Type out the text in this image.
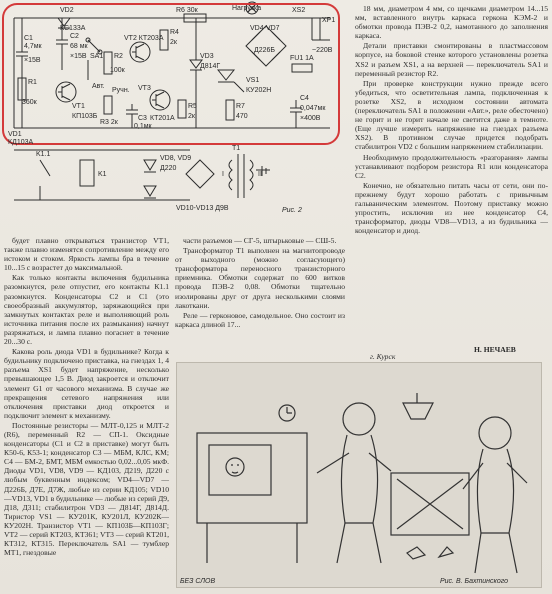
VD2
КС133А
R6 30к	Нагрузка	XS2
XP1
C1
4,7мк
×15В
C2
68 мк
×15В
VT2 КТ203А
R4
2к
VD4-VD7
Д226Б
SA1 R2
100к
VD3
Д814Г
R1
360к
VT1
КП103Б
VS1
КУ202Н
FU1 1А
~220В
Ручн.
Авт.	VT3
КТ201А
R3 2к
C3
0,1мк
R5
2к
R7
470
C4
0,047мк
×400В
VD1
КД103А
K1.1
K1
VD8, VD9
Д220
VD10-VD13 Д9В
T1
I	II
Рис. 2

будет плавно открываться транзистор VT1, также плавно изменятся сопротивление между его истоком и стоком. Яркость лампы бра в течение 10...15 с возрастет до максимальной.

Как только контакты включения будильника разомкнутся, реле отпустит, его контакты К1.1 разомкнутся. Конденсаторы С2 и С1 (это своеобразный аккумулятор, заряжающийся при замкнутых контактах реле и выполняющий роль источника питания после их размыкания) начнут разряжаться, и лампа плавно погаснет в течение 20...30 с.

Какова роль диода VD1 в будильнике? Когда к будильнику подключено приставка, на гнездах 1, 4 разъема XS1 будет напряжение, несколько превышающее 1,5 В. Диод закроется и отключит элемент G1 от часового механизма. В случае же прекращения сетевого напряжения или отключения приставки диод откроется и подключит элемент к механизму.

Постоянные резисторы — МЛТ-0,125 и МЛТ-2 (R6), переменный R2 — СП-1. Оксидные конденсаторы (С1 и С2 в приставке) могут быть К50-6, К53-1; конденсатор С3 — МБМ, КЛС, КМ; С4 — БМ-2, БМТ, МБМ емкостью 0,02...0,05 мкФ. Диоды VD1, VD8, VD9 — КД103, Д219, Д220 с любым буквенным индексом; VD4—VD7 — Д226Б, Д7Е, Д7Ж, любые из серии КД105; VD10—VD13, VD1 в будильнике — любые из серий Д9, Д18, Д311; стабилитрон VD3 — Д814Г, Д814Д. Тиристор VS1 — КУ201К, КУ201Л, КУ202К—КУ202Н. Транзистор VT1 — КП103Б—КП103Г; VT2 — серий КТ203, КТ361; VT3 — серий КТ201, КТ312, КТ315. Переключатель SA1 — тумблер МТ1, гнездовые

части разъемов — СГ-5, штырьковые — СШ-5.

Трансформатор Т1 выполнен на магнитопроводе от выходного (можно согласующего) трансформатора переносного транзисторного приемника. Обмотки содержат по 600 витков провода ПЭВ-2 0,08. Обмотки тщательно изолированы друг от друга несколькими слоями лакоткани.

Реле — герконовое, самодельное. Оно состоит из каркаса длиной 17...

18 мм, диаметром 4 мм, со щечками диаметром 14...15 мм, вставленного внутрь каркаса геркона КЭМ-2 и обмотки провода ПЭВ-2 0,2, намотанного до заполнения каркаса.

Детали приставки смонтированы в пластмассовом корпусе, на боковой стенке которого установлены розетка XS2 и разъем XS1, а на верхней — переключатель SA1 и переменный резистор R2.

При проверке конструкции нужно прежде всего убедиться, что осветительная лампа, подключенная к розетке XS2, в исходном состоянии автомата (переключатель SA1 в положении «Авт.», реле обесточено) не горит и не горит начале не светится даже в темноте. (Еще лучше измерить напряжение на гнездах разъема XS2). В противном случае придется подобрать стабилитрон VD2 с большим напряжением стабилизации.

Необходимую продолжительность «разгорания» лампы устанавливают подбором резистора R1 или конденсатора С2.

Конечно, не обязательно питать часы от сети, они по-прежнему будут хорошо работать с привычным гальваническим элементом. Поэтому приставку можно упростить, исключив из нее конденсатор С4, трансформатор, диоды VD8—VD13, а из будильника — конденсатор и диод.

Н. НЕЧАЕВ
г. Курск
БЕЗ СЛОВ	Рис. В. Бахтинского
